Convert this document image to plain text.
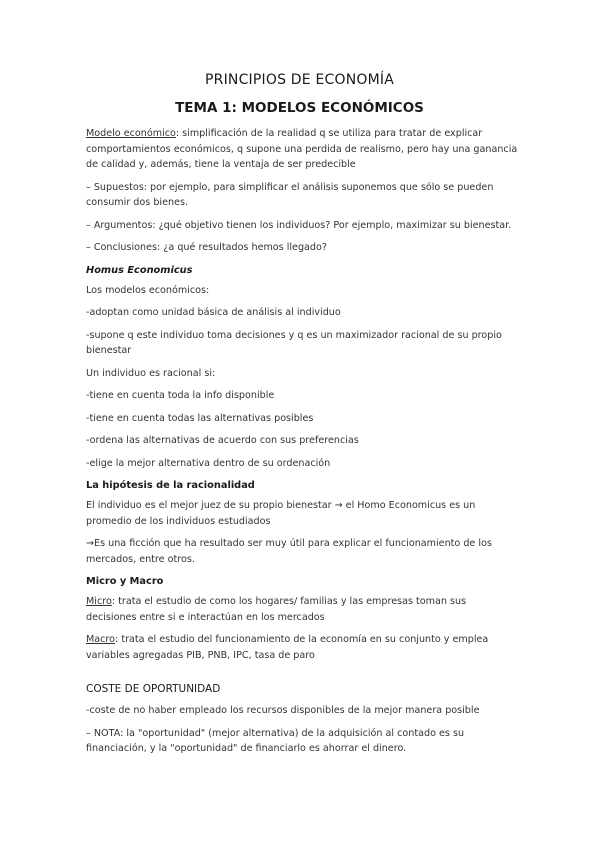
PRINCIPIOS DE ECONOMÍA
TEMA 1: MODELOS ECONÓMICOS

Modelo económico: simplificación de la realidad q se utiliza para tratar de explicar comportamientos económicos, q supone una perdida de realismo, pero hay una ganancia de calidad y, además, tiene la ventaja de ser predecible

– Supuestos: por ejemplo, para simplificar el análisis suponemos que sólo se pueden consumir dos bienes.

– Argumentos: ¿qué objetivo tienen los individuos? Por ejemplo, maximizar su bienestar.

– Conclusiones: ¿a qué resultados hemos llegado?

Homus Economicus

Los modelos económicos:

-adoptan como unidad básica de análisis al individuo

-supone q este individuo toma decisiones y q es un maximizador racional de su propio bienestar

Un individuo es racional si:

-tiene en cuenta toda la info disponible

-tiene en cuenta todas las alternativas posibles

-ordena las alternativas de acuerdo con sus preferencias

-elige la mejor alternativa dentro de su ordenación

La hipótesis de la racionalidad

El individuo es el mejor juez de su propio bienestar → el Homo Economicus es un promedio de los individuos estudiados

→Es una ficción que ha resultado ser muy útil para explicar el funcionamiento de los mercados, entre otros.

Micro y Macro

Micro: trata el estudio de como los hogares/ familias y las empresas toman sus decisiones entre si e interactúan en los mercados

Macro: trata el estudio del funcionamiento de la economía en su conjunto y emplea variables agregadas PIB, PNB, IPC, tasa de paro

COSTE DE OPORTUNIDAD

-coste de no haber empleado los recursos disponibles de la mejor manera posible

– NOTA: la "oportunidad" (mejor alternativa) de la adquisición al contado es su financiación, y la "oportunidad" de financiarlo es ahorrar el dinero.
